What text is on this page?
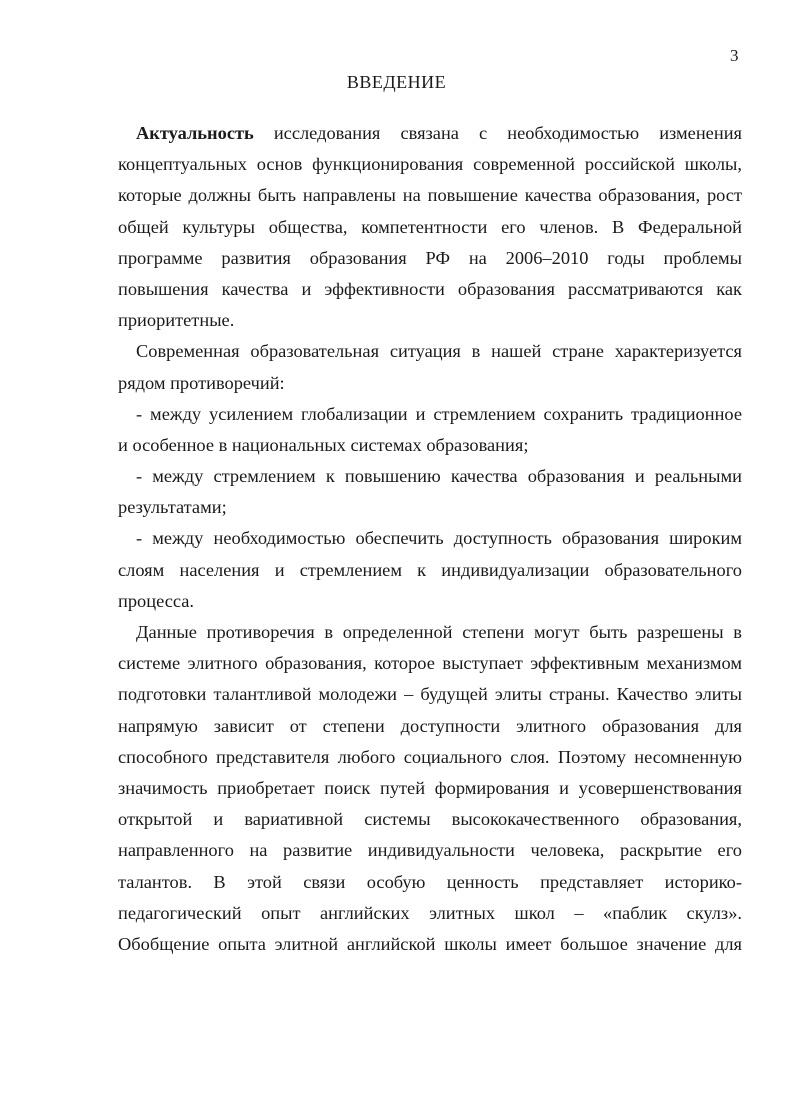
3
ВВЕДЕНИЕ
Актуальность исследования связана с необходимостью изменения
концептуальных основ функционирования современной российской школы,
которые должны быть направлены на повышение качества образования, рост
общей культуры общества, компетентности его членов. В Федеральной
программе развития образования РФ на 2006–2010 годы проблемы
повышения качества и эффективности образования рассматриваются как
приоритетные.
Современная образовательная ситуация в нашей стране характеризуется
рядом противоречий:
- между усилением глобализации и стремлением сохранить традиционное
и особенное в национальных системах образования;
- между стремлением к повышению качества образования и реальными
результатами;
- между необходимостью обеспечить доступность образования широким
слоям населения и стремлением к индивидуализации образовательного
процесса.
Данные противоречия в определенной степени могут быть разрешены в
системе элитного образования, которое выступает эффективным механизмом
подготовки талантливой молодежи – будущей элиты страны. Качество элиты
напрямую зависит от степени доступности элитного образования для
способного представителя любого социального слоя. Поэтому несомненную
значимость приобретает поиск путей формирования и усовершенствования
открытой и вариативной системы высококачественного образования,
направленного на развитие индивидуальности человека, раскрытие его
талантов. В этой связи особую ценность представляет историко-
педагогический опыт английских элитных школ – «паблик скулз».
Обобщение опыта элитной английской школы имеет большое значение для
